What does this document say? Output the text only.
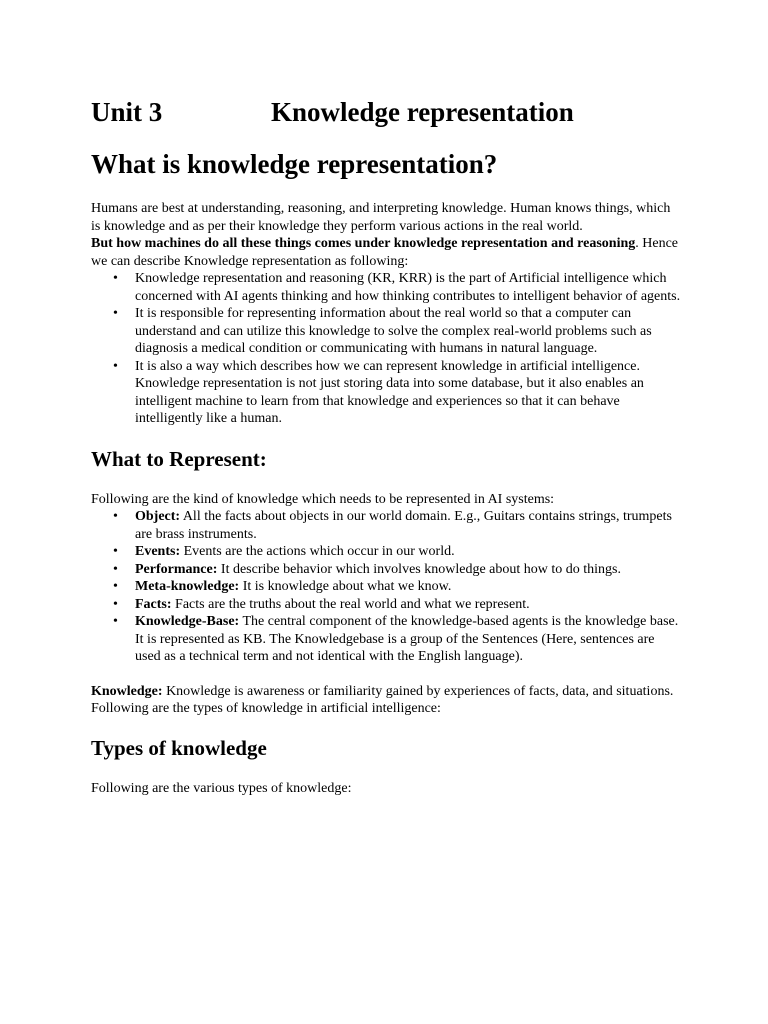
Unit 3	Knowledge representation
What is knowledge representation?

Humans are best at understanding, reasoning, and interpreting knowledge. Human knows things, which is knowledge and as per their knowledge they perform various actions in the real world.
But how machines do all these things comes under knowledge representation and reasoning. Hence we can describe Knowledge representation as following:

• Knowledge representation and reasoning (KR, KRR) is the part of Artificial intelligence which concerned with AI agents thinking and how thinking contributes to intelligent behavior of agents.
• It is responsible for representing information about the real world so that a computer can understand and can utilize this knowledge to solve the complex real-world problems such as diagnosis a medical condition or communicating with humans in natural language.
• It is also a way which describes how we can represent knowledge in artificial intelligence. Knowledge representation is not just storing data into some database, but it also enables an intelligent machine to learn from that knowledge and experiences so that it can behave intelligently like a human.
What to Represent:

Following are the kind of knowledge which needs to be represented in AI systems:

• Object: All the facts about objects in our world domain. E.g., Guitars contains strings, trumpets are brass instruments.
• Events: Events are the actions which occur in our world.
• Performance: It describe behavior which involves knowledge about how to do things.
• Meta-knowledge: It is knowledge about what we know.
• Facts: Facts are the truths about the real world and what we represent.
• Knowledge-Base: The central component of the knowledge-based agents is the knowledge base. It is represented as KB. The Knowledgebase is a group of the Sentences (Here, sentences are used as a technical term and not identical with the English language).

Knowledge: Knowledge is awareness or familiarity gained by experiences of facts, data, and situations. Following are the types of knowledge in artificial intelligence:

Types of knowledge

Following are the various types of knowledge:
